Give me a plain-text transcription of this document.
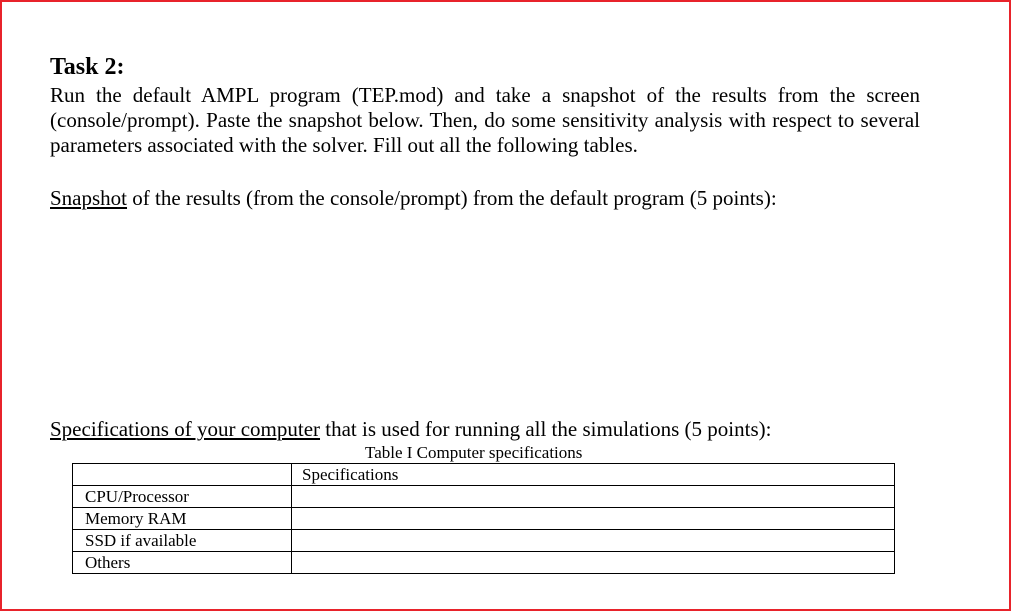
Task 2:
Run the default AMPL program (TEP.mod) and take a snapshot of the results from the screen (console/prompt). Paste the snapshot below. Then, do some sensitivity analysis with respect to several parameters associated with the solver. Fill out all the following tables.
Snapshot of the results (from the console/prompt) from the default program (5 points):
Specifications of your computer that is used for running all the simulations (5 points):
Table I Computer specifications
	Specifications
CPU/Processor	
Memory RAM	
SSD if available	
Others	
